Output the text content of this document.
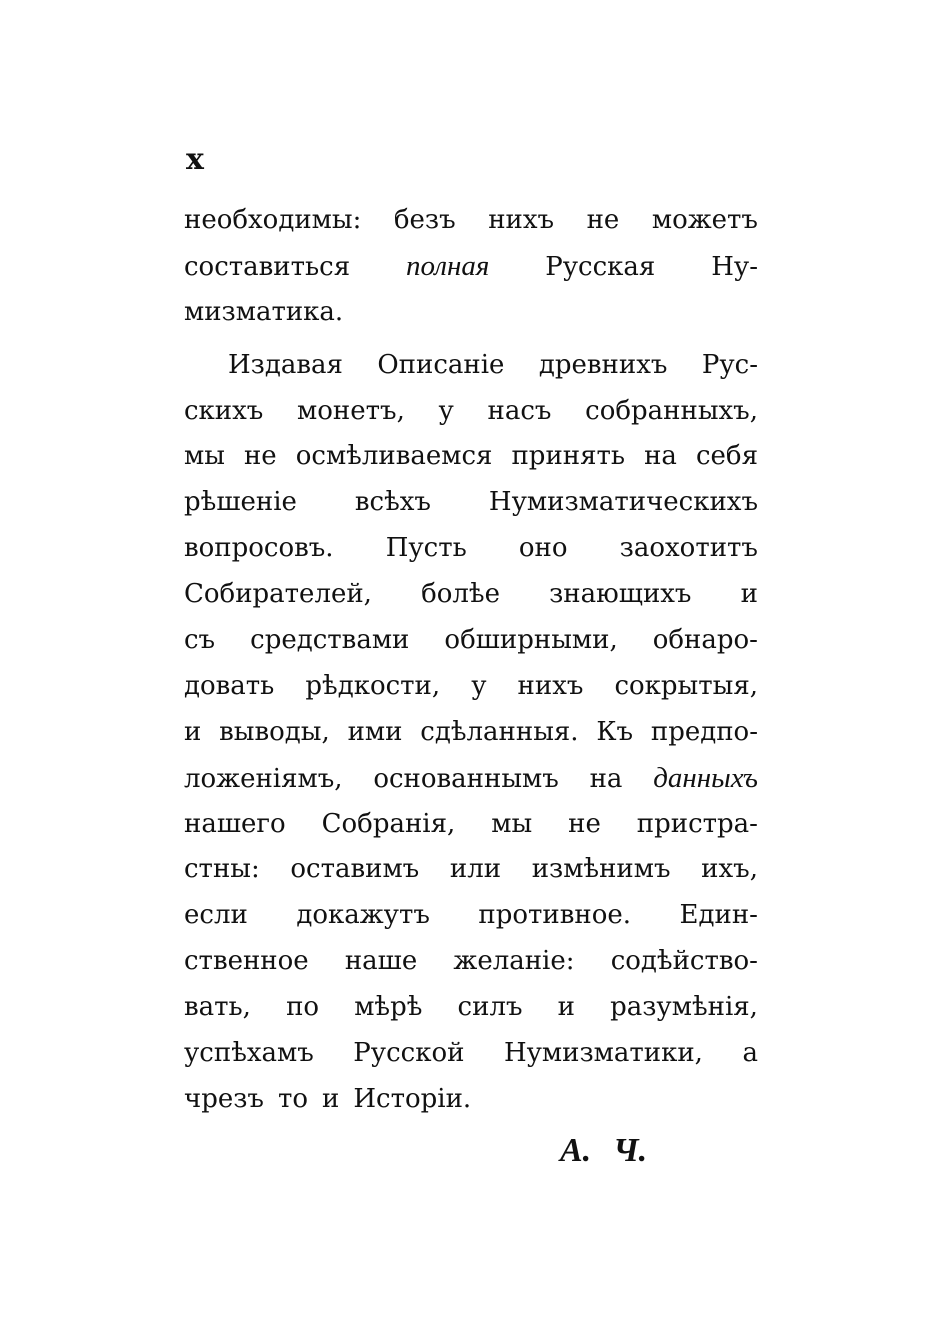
x
необходимы: безъ нихъ не можетъ
составиться полная Русская Ну-
мизматика.
Издавая Описаніе древнихъ Рус-
скихъ монетъ, у насъ собранныхъ,
мы не осмѣливаемся принять на себя
рѣшеніе всѣхъ Нумизматическихъ
вопросовъ. Пусть оно заохотитъ
Собирателей, болѣе знающихъ и
съ средствами обширными, обнаро-
довать рѣдкости, у нихъ сокрытыя,
и выводы, ими сдѣланныя. Къ предпо-
ложеніямъ, основаннымъ на данныхъ
нашего Собранія, мы не пристра-
стны: оставимъ или измѣнимъ ихъ,
если докажутъ противное. Един-
ственное наше желаніе: содѣйство-
вать, по мѣрѣ силъ и разумѣнія,
успѣхамъ Русской Нумизматики, а
чрезъ то и Исторіи.
А. Ч.
